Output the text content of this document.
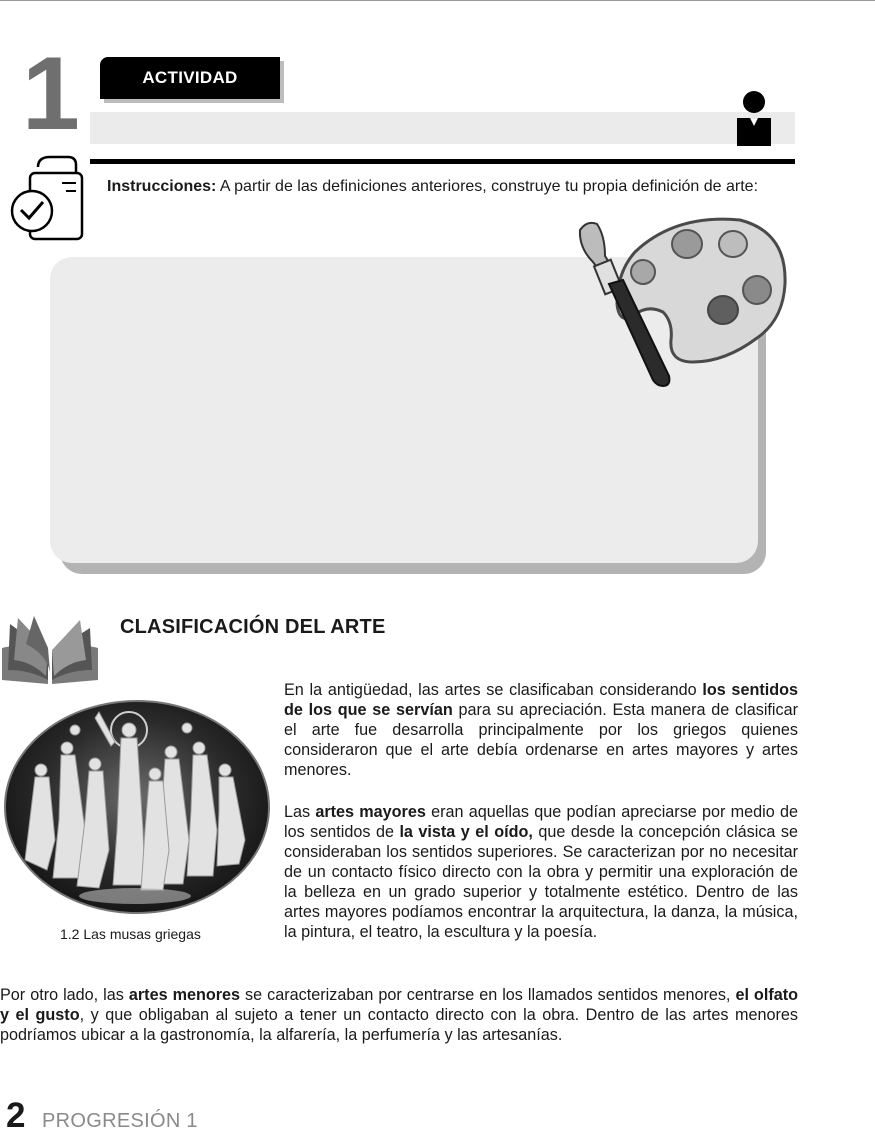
1	ACTIVIDAD
Instrucciones: A partir de las definiciones anteriores, construye tu propia definición de arte:
CLASIFICACIÓN DEL ARTE
1.2 Las musas griegas
En la antigüedad, las artes se clasificaban considerando los sentidos de los que se servían para su apreciación. Esta manera de clasificar el arte fue desarrolla principalmente por los griegos quienes consideraron que el arte debía ordenarse en artes mayores y artes menores.
Las artes mayores eran aquellas que podían apreciarse por medio de los sentidos de la vista y el oído, que desde la concepción clásica se consideraban los sentidos superiores. Se caracterizan por no necesitar de un contacto físico directo con la obra y permitir una exploración de la belleza en un grado superior y totalmente estético. Dentro de las artes mayores podíamos encontrar la arquitectura, la danza, la música, la pintura, el teatro, la escultura y la poesía.
Por otro lado, las artes menores se caracterizaban por centrarse en los llamados sentidos menores, el olfato y el gusto, y que obligaban al sujeto a tener un contacto directo con la obra. Dentro de las artes menores podríamos ubicar a la gastronomía, la alfarería, la perfumería y las artesanías.
2 PROGRESIÓN 1
